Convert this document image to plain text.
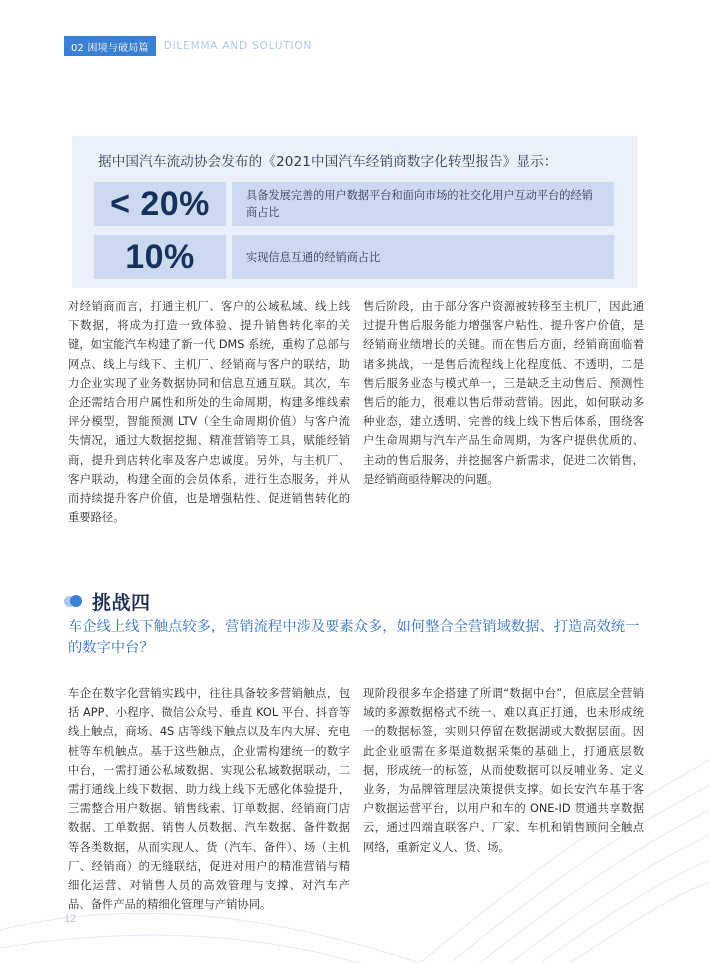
02 困境与破局篇	DILEMMA AND SOLUTION
据中国汽车流动协会发布的《2021中国汽车经销商数字化转型报告》显示：
< 20%	具备发展完善的用户数据平台和面向市场的社交化用户互动平台的经销商占比
10%	实现信息互通的经销商占比

对经销商而言，打通主机厂、客户的公域私域、线上线下数据，将成为打造一致体验、提升销售转化率的关键，如宝能汽车构建了新一代 DMS 系统，重构了总部与网点、线上与线下、主机厂、经销商与客户的联结，助力企业实现了业务数据协同和信息互通互联。其次，车企还需结合用户属性和所处的生命周期，构建多维线索评分模型，智能预测 LTV（全生命周期价值）与客户流失情况，通过大数据挖掘、精准营销等工具，赋能经销商，提升到店转化率及客户忠诚度。另外，与主机厂、客户联动，构建全面的会员体系，进行生态服务，并从而持续提升客户价值，也是增强粘性、促进销售转化的重要路径。

售后阶段，由于部分客户资源被转移至主机厂，因此通过提升售后服务能力增强客户粘性、提升客户价值，是经销商业绩增长的关键。而在售后方面，经销商面临着诸多挑战，一是售后流程线上化程度低、不透明，二是售后服务业态与模式单一，三是缺乏主动售后、预测性售后的能力，很难以售后带动营销。因此，如何联动多种业态，建立透明、完善的线上线下售后体系，围绕客户生命周期与汽车产品生命周期，为客户提供优质的、主动的售后服务，并挖掘客户新需求，促进二次销售，是经销商亟待解决的问题。

挑战四
车企线上线下触点较多，营销流程中涉及要素众多，如何整合全营销域数据、打造高效统一的数字中台？

车企在数字化营销实践中，往往具备较多营销触点，包括 APP、小程序、微信公众号、垂直 KOL 平台、抖音等线上触点，商场、4S 店等线下触点以及车内大屏、充电桩等车机触点。基于这些触点，企业需构建统一的数字中台，一需打通公私域数据、实现公私域数据联动，二需打通线上线下数据、助力线上线下无感化体验提升，三需整合用户数据、销售线索、订单数据、经销商门店数据、工单数据、销售人员数据、汽车数据、备件数据等各类数据，从而实现人、货（汽车、备件）、场（主机厂、经销商）的无缝联结，促进对用户的精准营销与精细化运营、对销售人员的高效管理与支撑、对汽车产品、备件产品的精细化管理与产销协同。

现阶段很多车企搭建了所谓“数据中台”，但底层全营销域的多源数据格式不统一、难以真正打通，也未形成统一的数据标签，实则只停留在数据湖或大数据层面。因此企业亟需在多渠道数据采集的基础上，打通底层数据，形成统一的标签，从而使数据可以反哺业务、定义业务，为品牌管理层决策提供支撑。如长安汽车基于客户数据运营平台，以用户和车的 ONE-ID 贯通共享数据云，通过四端直联客户、厂家、车机和销售顾问全触点网络，重新定义人、货、场。

12
